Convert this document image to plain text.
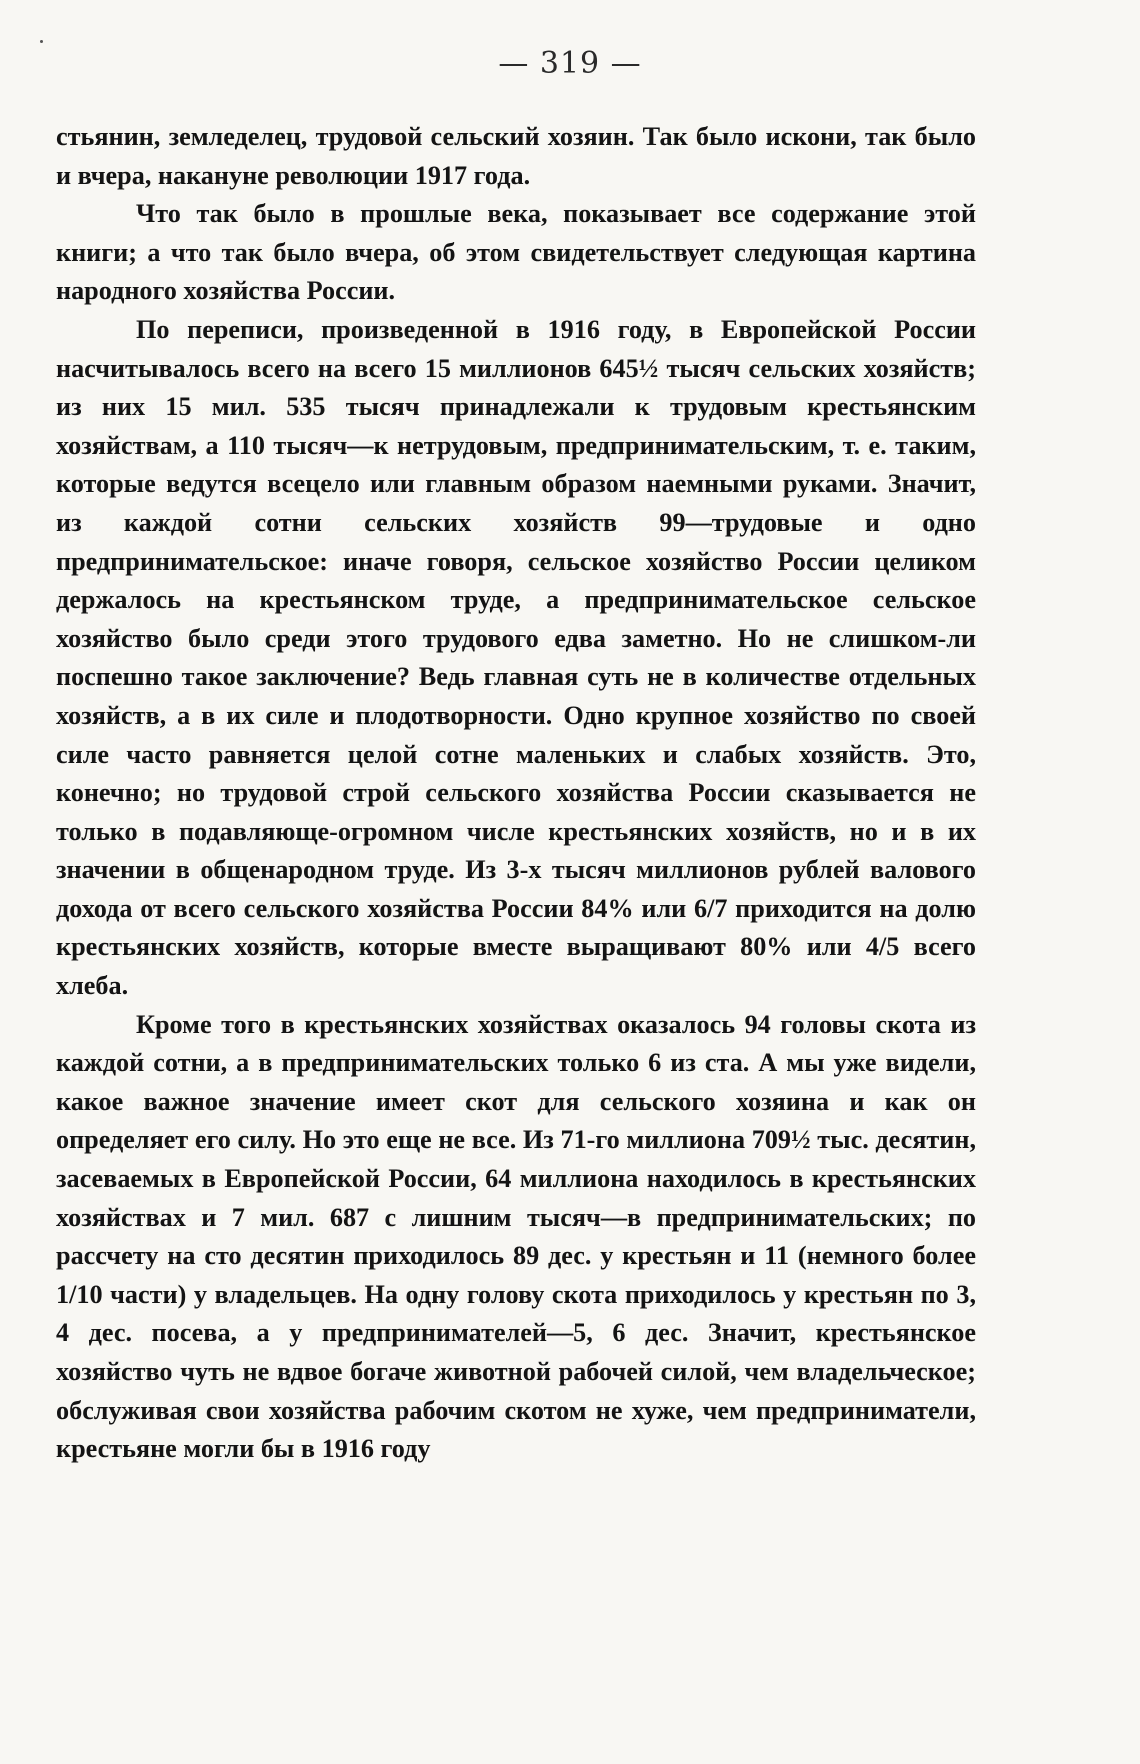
— 319 —

стьянин, земледелец, трудовой сельский хозяин. Так было искони, так было и вчера, накануне революции 1917 года.

Что так было в прошлые века, показывает все содержание этой книги; а что так было вчера, об этом свидетельствует следующая картина народного хозяйства России.

По переписи, произведенной в 1916 году, в Европейской России насчитывалось всего на всего 15 миллионов 645½ тысяч сельских хозяйств; из них 15 мил. 535 тысяч принадлежали к трудовым крестьянским хозяйствам, а 110 тысяч—к нетрудовым, предпринимательским, т. е. таким, которые ведутся всецело или главным образом наемными руками. Значит, из каждой сотни сельских хозяйств 99—трудовые и одно предпринимательское: иначе говоря, сельское хозяйство России целиком держалось на крестьянском труде, а предпринимательское сельское хозяйство было среди этого трудового едва заметно. Но не слишком-ли поспешно такое заключение? Ведь главная суть не в количестве отдельных хозяйств, а в их силе и плодотворности. Одно крупное хозяйство по своей силе часто равняется целой сотне маленьких и слабых хозяйств. Это, конечно; но трудовой строй сельского хозяйства России сказывается не только в подавляюще-огромном числе крестьянских хозяйств, но и в их значении в общенародном труде. Из 3-х тысяч миллионов рублей валового дохода от всего сельского хозяйства России 84% или 6/7 приходится на долю крестьянских хозяйств, которые вместе выращивают 80% или 4/5 всего хлеба.

Кроме того в крестьянских хозяйствах оказалось 94 головы скота из каждой сотни, а в предпринимательских только 6 из ста. А мы уже видели, какое важное значение имеет скот для сельского хозяина и как он определяет его силу. Но это еще не все. Из 71-го миллиона 709½ тыс. десятин, засеваемых в Европейской России, 64 миллиона находилось в крестьянских хозяйствах и 7 мил. 687 с лишним тысяч—в предпринимательских; по рассчету на сто десятин приходилось 89 дес. у крестьян и 11 (немного более 1/10 части) у владельцев. На одну голову скота приходилось у крестьян по 3, 4 дес. посева, а у предпринимателей—5, 6 дес. Значит, крестьянское хозяйство чуть не вдвое богаче животной рабочей силой, чем владельческое; обслуживая свои хозяйства рабочим скотом не хуже, чем предприниматели, крестьяне могли бы в 1916 году
